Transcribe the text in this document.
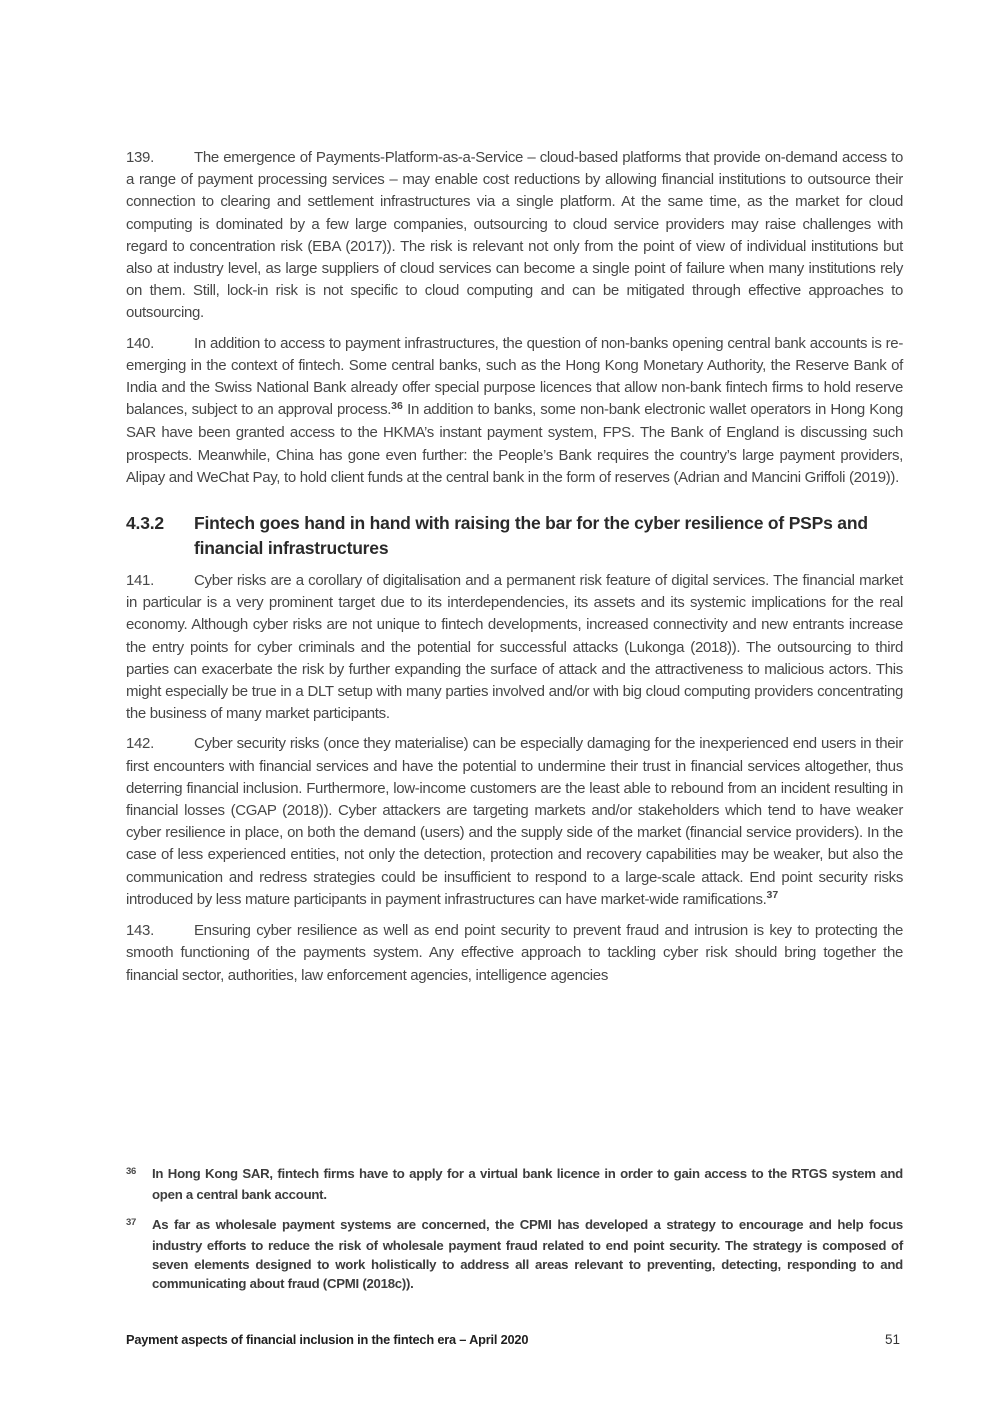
139.	The emergence of Payments-Platform-as-a-Service – cloud-based platforms that provide on-demand access to a range of payment processing services – may enable cost reductions by allowing financial institutions to outsource their connection to clearing and settlement infrastructures via a single platform. At the same time, as the market for cloud computing is dominated by a few large companies, outsourcing to cloud service providers may raise challenges with regard to concentration risk (EBA (2017)). The risk is relevant not only from the point of view of individual institutions but also at industry level, as large suppliers of cloud services can become a single point of failure when many institutions rely on them. Still, lock-in risk is not specific to cloud computing and can be mitigated through effective approaches to outsourcing.

140.	In addition to access to payment infrastructures, the question of non-banks opening central bank accounts is re-emerging in the context of fintech. Some central banks, such as the Hong Kong Monetary Authority, the Reserve Bank of India and the Swiss National Bank already offer special purpose licences that allow non-bank fintech firms to hold reserve balances, subject to an approval process.$^{36}$ In addition to banks, some non-bank electronic wallet operators in Hong Kong SAR have been granted access to the HKMA’s instant payment system, FPS. The Bank of England is discussing such prospects. Meanwhile, China has gone even further: the People’s Bank requires the country’s large payment providers, Alipay and WeChat Pay, to hold client funds at the central bank in the form of reserves (Adrian and Mancini Griffoli (2019)).

4.3.2 Fintech goes hand in hand with raising the bar for the cyber resilience of PSPs and financial infrastructures

141.	Cyber risks are a corollary of digitalisation and a permanent risk feature of digital services. The financial market in particular is a very prominent target due to its interdependencies, its assets and its systemic implications for the real economy. Although cyber risks are not unique to fintech developments, increased connectivity and new entrants increase the entry points for cyber criminals and the potential for successful attacks (Lukonga (2018)). The outsourcing to third parties can exacerbate the risk by further expanding the surface of attack and the attractiveness to malicious actors. This might especially be true in a DLT setup with many parties involved and/or with big cloud computing providers concentrating the business of many market participants.

142.	Cyber security risks (once they materialise) can be especially damaging for the inexperienced end users in their first encounters with financial services and have the potential to undermine their trust in financial services altogether, thus deterring financial inclusion. Furthermore, low-income customers are the least able to rebound from an incident resulting in financial losses (CGAP (2018)). Cyber attackers are targeting markets and/or stakeholders which tend to have weaker cyber resilience in place, on both the demand (users) and the supply side of the market (financial service providers). In the case of less experienced entities, not only the detection, protection and recovery capabilities may be weaker, but also the communication and redress strategies could be insufficient to respond to a large-scale attack. End point security risks introduced by less mature participants in payment infrastructures can have market-wide ramifications.$^{37}$

143.	Ensuring cyber resilience as well as end point security to prevent fraud and intrusion is key to protecting the smooth functioning of the payments system. Any effective approach to tackling cyber risk should bring together the financial sector, authorities, law enforcement agencies, intelligence agencies

36 In Hong Kong SAR, fintech firms have to apply for a virtual bank licence in order to gain access to the RTGS system and open a central bank account.

37 As far as wholesale payment systems are concerned, the CPMI has developed a strategy to encourage and help focus industry efforts to reduce the risk of wholesale payment fraud related to end point security. The strategy is composed of seven elements designed to work holistically to address all areas relevant to preventing, detecting, responding to and communicating about fraud (CPMI (2018c)).

Payment aspects of financial inclusion in the fintech era – April 2020	51
